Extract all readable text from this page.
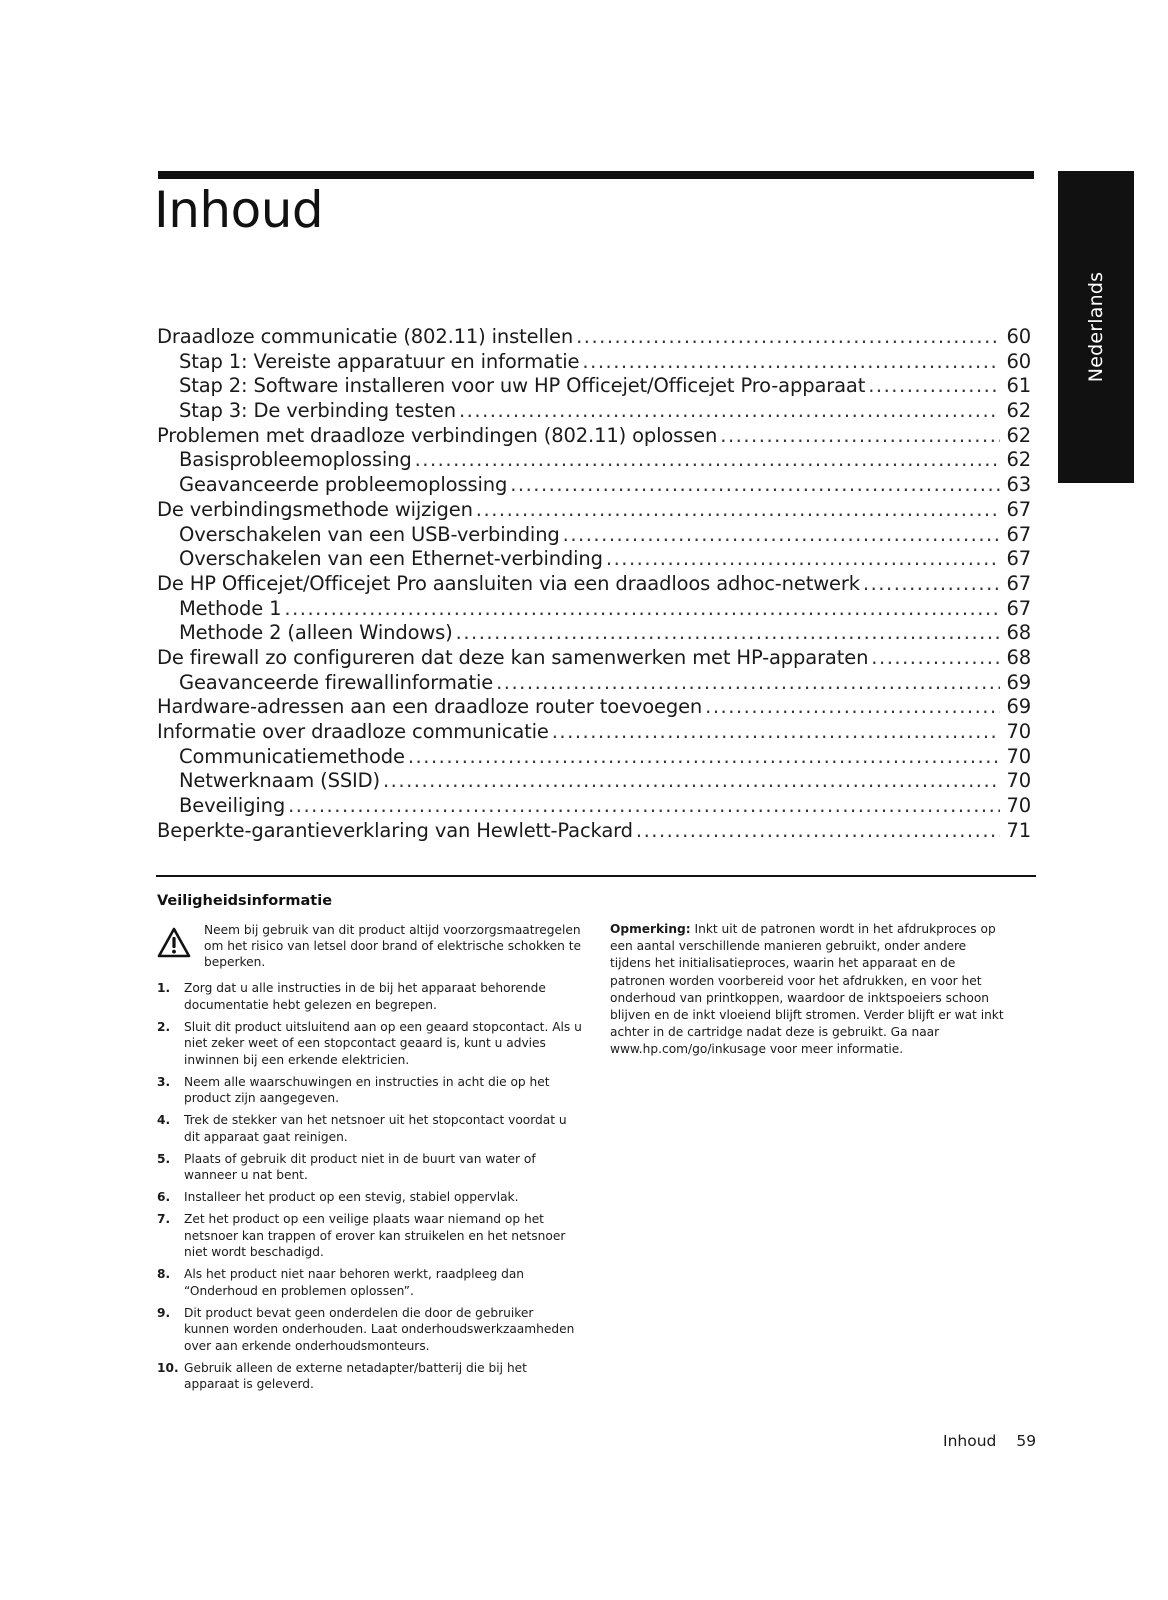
Inhoud
Nederlands
Draadloze communicatie (802.11) instellen .....	60
Stap 1: Vereiste apparatuur en informatie .....	60
Stap 2: Software installeren voor uw HP Officejet/Officejet Pro-apparaat .....	61
Stap 3: De verbinding testen .....	62
Problemen met draadloze verbindingen (802.11) oplossen .....	62
Basisprobleemoplossing .....	62
Geavanceerde probleemoplossing .....	63
De verbindingsmethode wijzigen .....	67
Overschakelen van een USB-verbinding .....	67
Overschakelen van een Ethernet-verbinding .....	67
De HP Officejet/Officejet Pro aansluiten via een draadloos adhoc-netwerk .....	67
Methode 1 .....	67
Methode 2 (alleen Windows) .....	68
De firewall zo configureren dat deze kan samenwerken met HP-apparaten .....	68
Geavanceerde firewallinformatie .....	69
Hardware-adressen aan een draadloze router toevoegen .....	69
Informatie over draadloze communicatie .....	70
Communicatiemethode .....	70
Netwerknaam (SSID) .....	70
Beveiliging .....	70
Beperkte-garantieverklaring van Hewlett-Packard .....	71
Veiligheidsinformatie
Neem bij gebruik van dit product altijd voorzorgsmaatregelen om het risico van letsel door brand of elektrische schokken te beperken.
1.	Zorg dat u alle instructies in de bij het apparaat behorende documentatie hebt gelezen en begrepen.
2.	Sluit dit product uitsluitend aan op een geaard stopcontact. Als u niet zeker weet of een stopcontact geaard is, kunt u advies inwinnen bij een erkende elektricien.
3.	Neem alle waarschuwingen en instructies in acht die op het product zijn aangegeven.
4.	Trek de stekker van het netsnoer uit het stopcontact voordat u dit apparaat gaat reinigen.
5.	Plaats of gebruik dit product niet in de buurt van water of wanneer u nat bent.
6.	Installeer het product op een stevig, stabiel oppervlak.
7.	Zet het product op een veilige plaats waar niemand op het netsnoer kan trappen of erover kan struikelen en het netsnoer niet wordt beschadigd.
8.	Als het product niet naar behoren werkt, raadpleeg dan “Onderhoud en problemen oplossen”.
9.	Dit product bevat geen onderdelen die door de gebruiker kunnen worden onderhouden. Laat onderhoudswerkzaamheden over aan erkende onderhoudsmonteurs.
10. Gebruik alleen de externe netadapter/batterij die bij het apparaat is geleverd.
Opmerking: Inkt uit de patronen wordt in het afdrukproces op een aantal verschillende manieren gebruikt, onder andere tijdens het initialisatieproces, waarin het apparaat en de patronen worden voorbereid voor het afdrukken, en voor het onderhoud van printkoppen, waardoor de inktspoeiers schoon blijven en de inkt vloeiend blijft stromen. Verder blijft er wat inkt achter in de cartridge nadat deze is gebruikt. Ga naar www.hp.com/go/inkusage voor meer informatie.
Inhoud 59
